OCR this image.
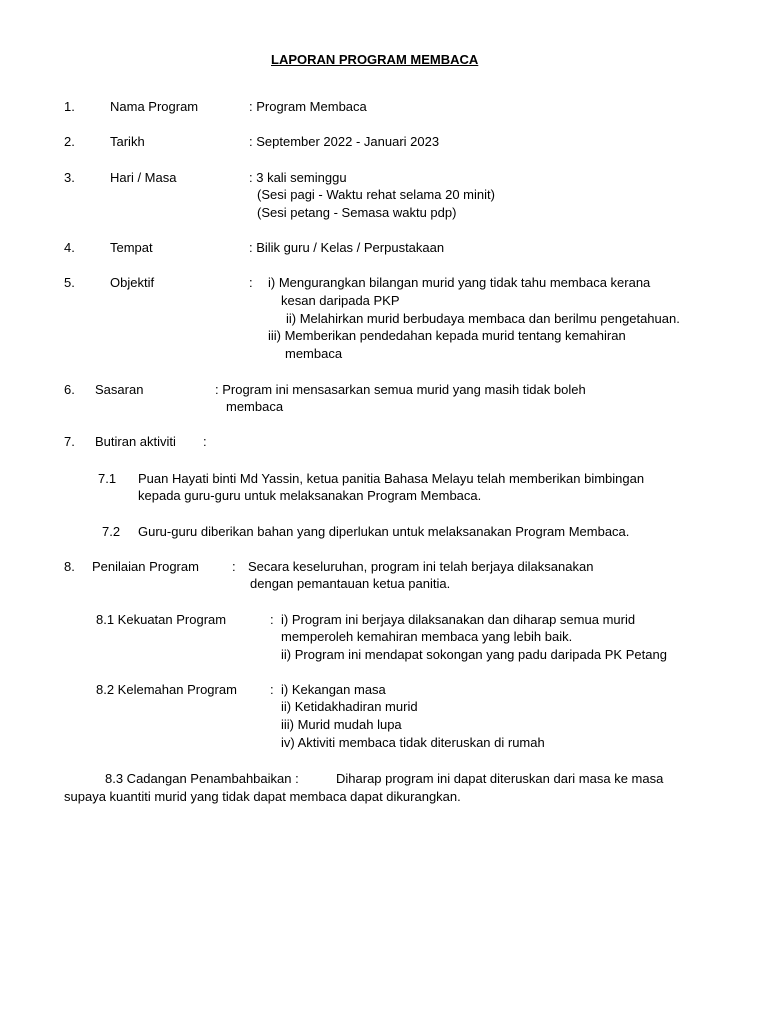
LAPORAN PROGRAM MEMBACA
1.	Nama Program	: Program Membaca
2.	Tarikh	: September 2022 - Januari 2023
3.	Hari / Masa	: 3 kali seminggu
(Sesi pagi - Waktu rehat selama 20 minit)
(Sesi petang - Semasa waktu pdp)
4.	Tempat	: Bilik guru / Kelas / Perpustakaan
5.	Objektif	: i) Mengurangkan bilangan murid yang tidak tahu membaca kerana
kesan daripada PKP
ii) Melahirkan murid berbudaya membaca dan berilmu pengetahuan.
iii) Memberikan pendedahan kepada murid tentang kemahiran
membaca
6. Sasaran	: Program ini mensasarkan semua murid yang masih tidak boleh
membaca
7. Butiran aktiviti :
7.1 Puan Hayati binti Md Yassin, ketua panitia Bahasa Melayu telah memberikan bimbingan
kepada guru-guru untuk melaksanakan Program Membaca.
7.2 Guru-guru diberikan bahan yang diperlukan untuk melaksanakan Program Membaca.
8. Penilaian Program	: Secara keseluruhan, program ini telah berjaya dilaksanakan
dengan pemantauan ketua panitia.
8.1 Kekuatan Program	: i) Program ini berjaya dilaksanakan dan diharap semua murid
memperoleh kemahiran membaca yang lebih baik.
ii) Program ini mendapat sokongan yang padu daripada PK Petang
8.2 Kelemahan Program	: i) Kekangan masa
ii) Ketidakhadiran murid
iii) Murid mudah lupa
iv) Aktiviti membaca tidak diteruskan di rumah
8.3 Cadangan Penambahbaikan :	Diharap program ini dapat diteruskan dari masa ke masa
supaya kuantiti murid yang tidak dapat membaca dapat dikurangkan.
